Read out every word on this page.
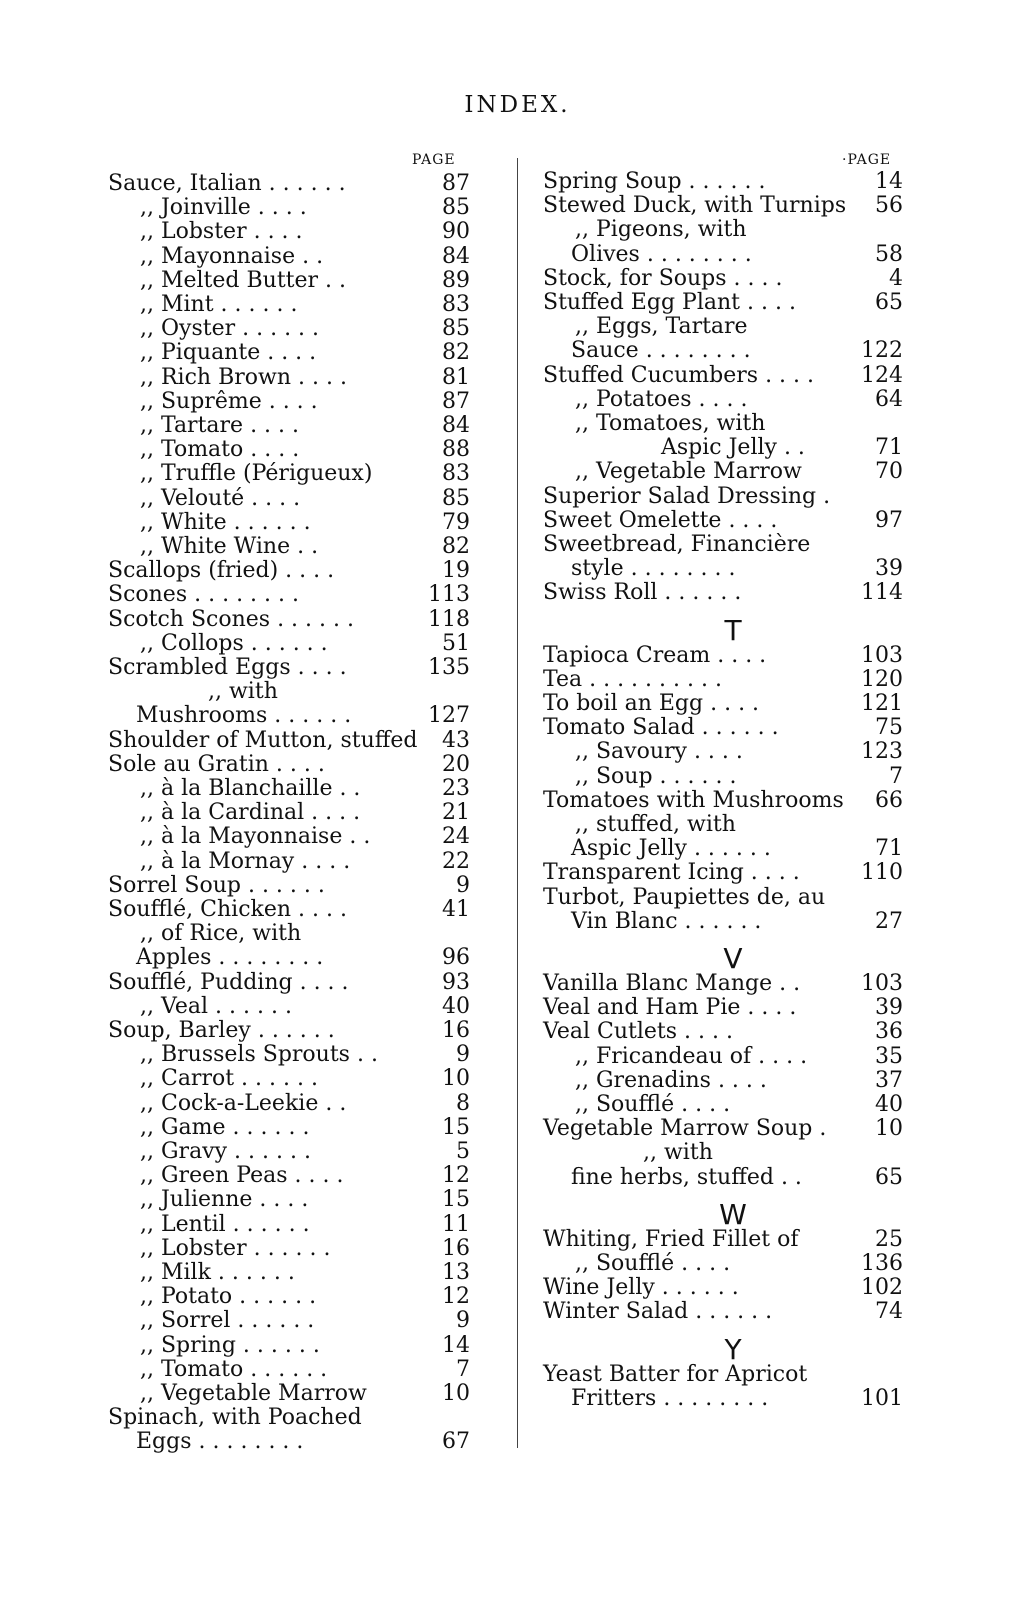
INDEX.
PAGE	·PAGE
Sauce, Italian . . . . . .	87
,, Joinville . . . .	85
,, Lobster . . . .	90
,, Mayonnaise . .	84
,, Melted Butter . .	89
,, Mint . . . . . .	83
,, Oyster . . . . . .	85
,, Piquante . . . .	82
,, Rich Brown . . . .	81
,, Suprême . . . .	87
,, Tartare . . . .	84
,, Tomato . . . .	88
,, Truffle (Périgueux)	83
,, Velouté . . . .	85
,, White . . . . . .	79
,, White Wine . .	82
Scallops (fried) . . . .	19
Scones . . . . . . . .	113
Scotch Scones . . . . . .	118
,, Collops . . . . . .	51
Scrambled Eggs . . . .	135
,, with
Mushrooms . . . . . .	127
Shoulder of Mutton, stuffed 43
Sole au Gratin . . . .	20
,, à la Blanchaille . .	23
,, à la Cardinal . . . .	21
,, à la Mayonnaise . .	24
,, à la Mornay . . . .	22
Sorrel Soup . . . . . .	9
Soufflé, Chicken . . . .	41
,, of Rice, with
Apples . . . . . . . .	96
Soufflé, Pudding . . . .	93
,, Veal . . . . . .	40
Soup, Barley . . . . . .	16
,, Brussels Sprouts . .	9
,, Carrot . . . . . .	10
,, Cock-a-Leekie . .	8
,, Game . . . . . .	15
,, Gravy . . . . . .	5
,, Green Peas . . . .	12
,, Julienne . . . .	15
,, Lentil . . . . . .	11
,, Lobster . . . . . .	16
,, Milk . . . . . .	13
,, Potato . . . . . .	12
,, Sorrel . . . . . .	9
,, Spring . . . . . .	14
,, Tomato . . . . . .	7
,, Vegetable Marrow	10
Spinach, with Poached
Eggs . . . . . . . .	67
Spring Soup . . . . . .	14
Stewed Duck, with Turnips 56
,, Pigeons, with
Olives . . . . . . . .	58
Stock, for Soups . . . .	4
Stuffed Egg Plant . . . .	65
,, Eggs, Tartare
Sauce . . . . . . . .	122
Stuffed Cucumbers . . . . 124
,, Potatoes . . . .	64
,, Tomatoes, with
Aspic Jelly . .	71
,, Vegetable Marrow	70
Superior Salad Dressing .
Sweet Omelette . . . .	97
Sweetbread, Financière
style . . . . . . . .	39
Swiss Roll . . . . . .	114
T
Tapioca Cream . . . .	103
Tea . . . . . . . . . .	120
To boil an Egg . . . .	121
Tomato Salad . . . . . .	75
,, Savoury . . . .	123
,, Soup . . . . . .	7
Tomatoes with Mushrooms 66
,, stuffed, with
Aspic Jelly . . . . . .	71
Transparent Icing . . . .	110
Turbot, Paupiettes de, au
Vin Blanc . . . . . .	27
V
Vanilla Blanc Mange . .	103
Veal and Ham Pie . . . .	39
Veal Cutlets . . . .	36
,, Fricandeau of . . . .	35
,, Grenadins . . . .	37
,, Soufflé . . . .	40
Vegetable Marrow Soup . 10
,, with
fine herbs, stuffed . .	65
W
Whiting, Fried Fillet of	25
,, Soufflé . . . .	136
Wine Jelly . . . . . .	102
Winter Salad . . . . . .	74
Y
Yeast Batter for Apricot
Fritters . . . . . . . .	101
